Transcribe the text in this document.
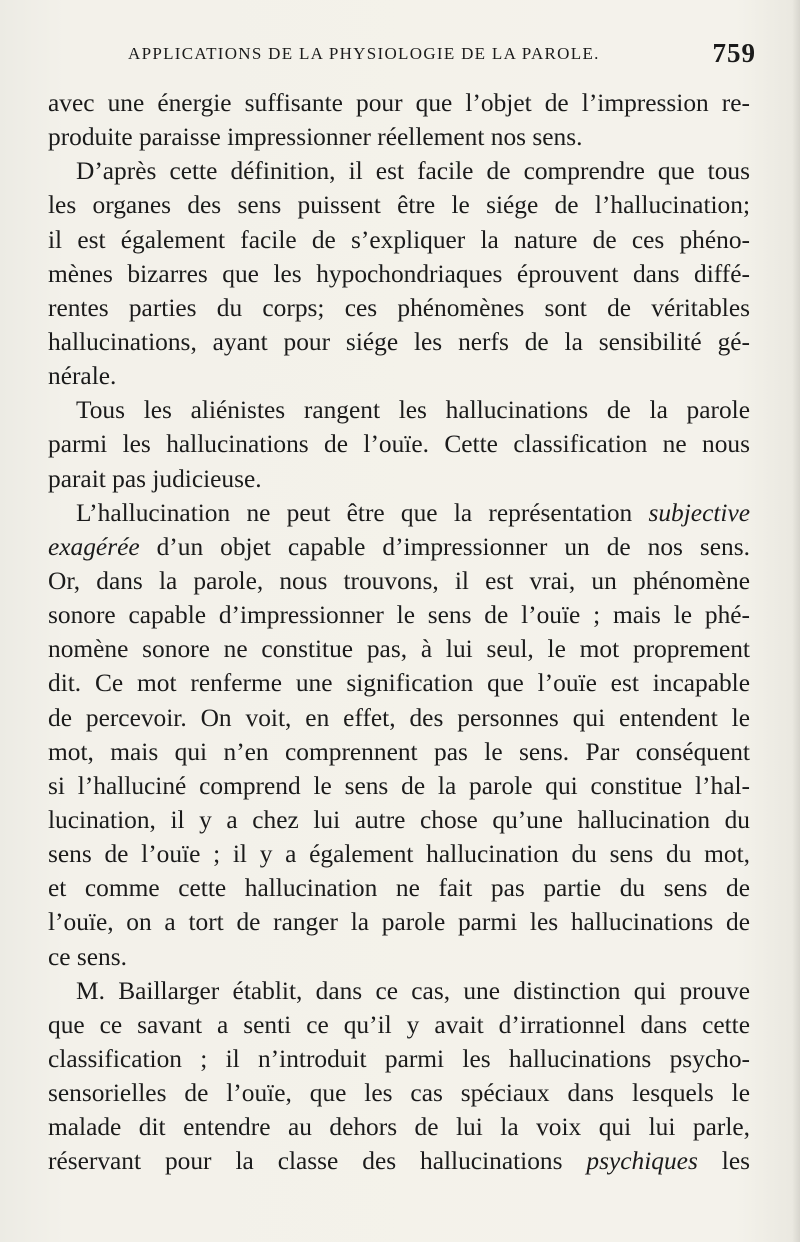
APPLICATIONS DE LA PHYSIOLOGIE DE LA PAROLE.	759

avec une énergie suffisante pour que l’objet de l’impression re-
produite paraisse impressionner réellement nos sens.

D’après cette définition, il est facile de comprendre que tous
les organes des sens puissent être le siége de l’hallucination;
il est également facile de s’expliquer la nature de ces phéno-
mènes bizarres que les hypochondriaques éprouvent dans diffé-
rentes parties du corps; ces phénomènes sont de véritables
hallucinations, ayant pour siége les nerfs de la sensibilité gé-
nérale.

Tous les aliénistes rangent les hallucinations de la parole
parmi les hallucinations de l’ouïe. Cette classification ne nous
parait pas judicieuse.

L’hallucination ne peut être que la représentation subjective
exagérée d’un objet capable d’impressionner un de nos sens.
Or, dans la parole, nous trouvons, il est vrai, un phénomène
sonore capable d’impressionner le sens de l’ouïe ; mais le phé-
nomène sonore ne constitue pas, à lui seul, le mot proprement
dit. Ce mot renferme une signification que l’ouïe est incapable
de percevoir. On voit, en effet, des personnes qui entendent le
mot, mais qui n’en comprennent pas le sens. Par conséquent
si l’halluciné comprend le sens de la parole qui constitue l’hal-
lucination, il y a chez lui autre chose qu’une hallucination du
sens de l’ouïe ; il y a également hallucination du sens du mot,
et comme cette hallucination ne fait pas partie du sens de
l’ouïe, on a tort de ranger la parole parmi les hallucinations de
ce sens.

M. Baillarger établit, dans ce cas, une distinction qui prouve
que ce savant a senti ce qu’il y avait d’irrationnel dans cette
classification ; il n’introduit parmi les hallucinations psycho-
sensorielles de l’ouïe, que les cas spéciaux dans lesquels le
malade dit entendre au dehors de lui la voix qui lui parle,
réservant pour la classe des hallucinations psychiques les
